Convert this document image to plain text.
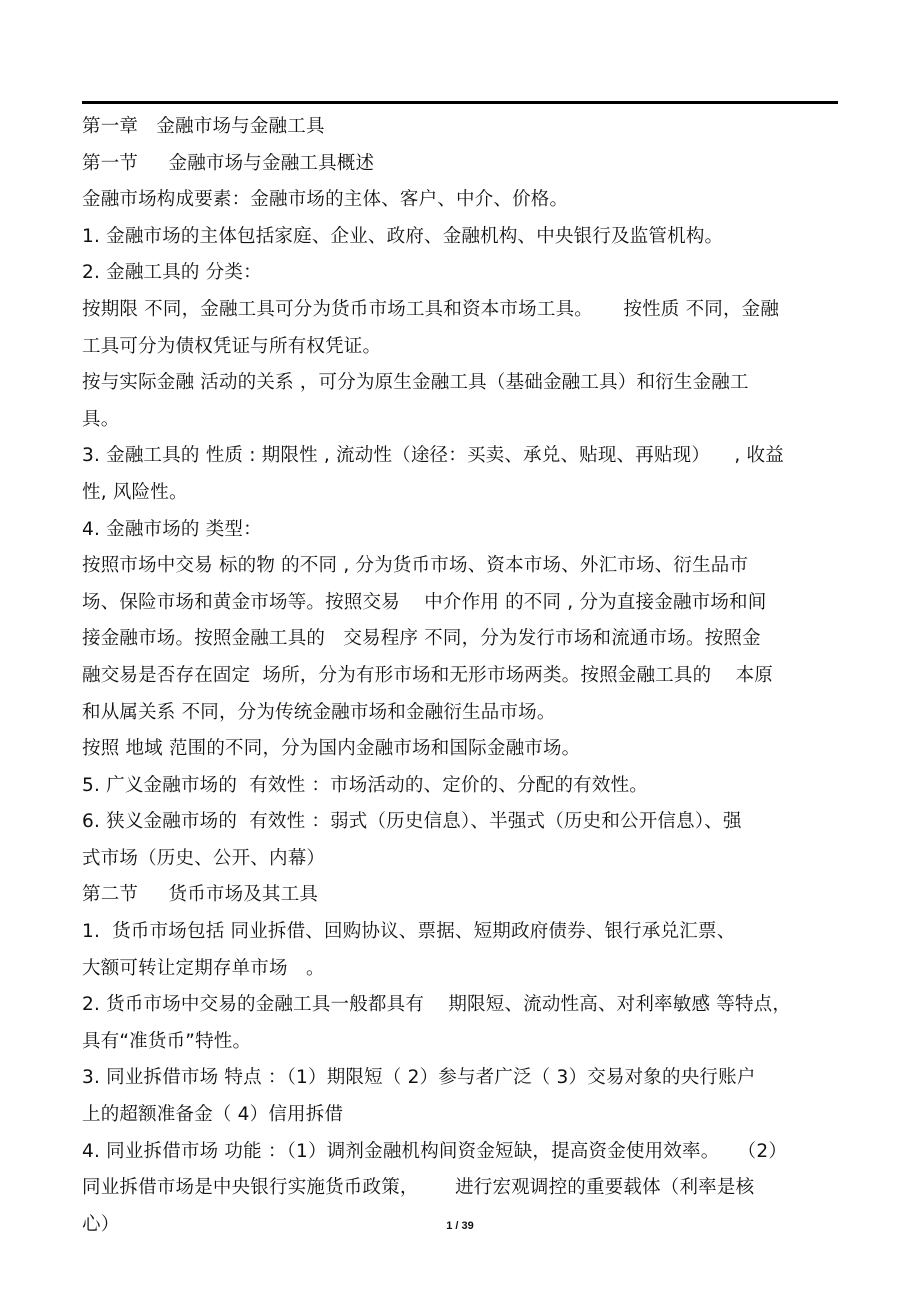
第一章   金融市场与金融工具
第一节     金融市场与金融工具概述
金融市场构成要素：金融市场的主体、客户、中介、价格。
1. 金融市场的主体包括家庭、企业、政府、金融机构、中央银行及监管机构。
2. 金融工具的 分类：
按期限 不同，金融工具可分为货币市场工具和资本市场工具。     按性质 不同，金融
工具可分为债权凭证与所有权凭证。
按与实际金融 活动的关系 ，可分为原生金融工具（基础金融工具）和衍生金融工
具。
3. 金融工具的 性质 : 期限性 , 流动性（途径：买卖、承兑、贴现、再贴现）    , 收益
性, 风险性。
4. 金融市场的 类型：
按照市场中交易 标的物 的不同 , 分为货币市场、资本市场、外汇市场、衍生品市
场、保险市场和黄金市场等。按照交易    中介作用 的不同 , 分为直接金融市场和间
接金融市场。按照金融工具的   交易程序 不同，分为发行市场和流通市场。按照金
融交易是否存在固定  场所，分为有形市场和无形市场两类。按照金融工具的    本原
和从属关系 不同，分为传统金融市场和金融衍生品市场。
按照 地域 范围的不同，分为国内金融市场和国际金融市场。
5. 广义金融市场的  有效性 ：市场活动的、定价的、分配的有效性。
6. 狭义金融市场的  有效性 ：弱式（历史信息）、半强式（历史和公开信息）、强
式市场（历史、公开、内幕）
第二节     货币市场及其工具
1.  货币市场包括 同业拆借、回购协议、票据、短期政府债券、银行承兑汇票、
大额可转让定期存单市场   。
2. 货币市场中交易的金融工具一般都具有    期限短、流动性高、对利率敏感 等特点，
具有“准货币”特性。
3. 同业拆借市场 特点 ：（1）期限短（ 2）参与者广泛（ 3）交易对象的央行账户
上的超额准备金（ 4）信用拆借
4. 同业拆借市场 功能 ：（1）调剂金融机构间资金短缺，提高资金使用效率。   （2）
同业拆借市场是中央银行实施货币政策，      进行宏观调控的重要载体（利率是核
心）	1 / 39
